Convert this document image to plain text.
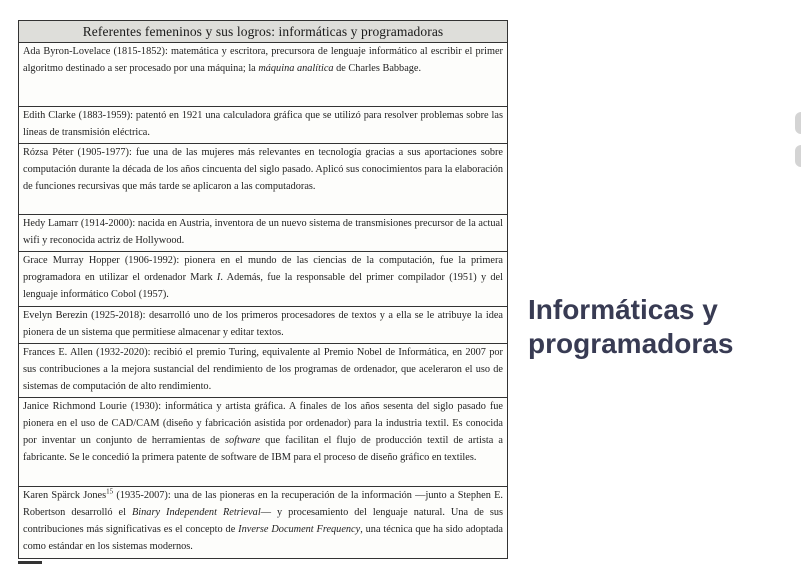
Referentes femeninos y sus logros: informáticas y programadoras
Ada Byron-Lovelace (1815-1852): matemática y escritora, precursora de lenguaje informático al escribir el primer algoritmo destinado a ser procesado por una máquina; la máquina analítica de Charles Babbage.
Edith Clarke (1883-1959): patentó en 1921 una calculadora gráfica que se utilizó para resolver problemas sobre las líneas de transmisión eléctrica.
Rózsa Péter (1905-1977): fue una de las mujeres más relevantes en tecnología gracias a sus aportaciones sobre computación durante la década de los años cincuenta del siglo pasado. Aplicó sus conocimientos para la elaboración de funciones recursivas que más tarde se aplicaron a las computadoras.
Hedy Lamarr (1914-2000): nacida en Austria, inventora de un nuevo sistema de transmisiones precursor de la actual wifi y reconocida actriz de Hollywood.
Grace Murray Hopper (1906-1992): pionera en el mundo de las ciencias de la computación, fue la primera programadora en utilizar el ordenador Mark I. Además, fue la responsable del primer compilador (1951) y del lenguaje informático Cobol (1957).
Evelyn Berezin (1925-2018): desarrolló uno de los primeros procesadores de textos y a ella se le atribuye la idea pionera de un sistema que permitiese almacenar y editar textos.
Frances E. Allen (1932-2020): recibió el premio Turing, equivalente al Premio Nobel de Informática, en 2007 por sus contribuciones a la mejora sustancial del rendimiento de los programas de ordenador, que aceleraron el uso de sistemas de computación de alto rendimiento.
Janice Richmond Lourie (1930): informática y artista gráfica. A finales de los años sesenta del siglo pasado fue pionera en el uso de CAD/CAM (diseño y fabricación asistida por ordenador) para la industria textil. Es conocida por inventar un conjunto de herramientas de software que facilitan el flujo de producción textil de artista a fabricante. Se le concedió la primera patente de software de IBM para el proceso de diseño gráfico en textiles.
Karen Spärck Jones$^{15}$ (1935-2007): una de las pioneras en la recuperación de la información —junto a Stephen E. Robertson desarrolló el Binary Independent Retrieval— y procesamiento del lenguaje natural. Una de sus contribuciones más significativas es el concepto de Inverse Document Frequency, una técnica que ha sido adoptada como estándar en los sistemas modernos.
Informáticas y programadoras
